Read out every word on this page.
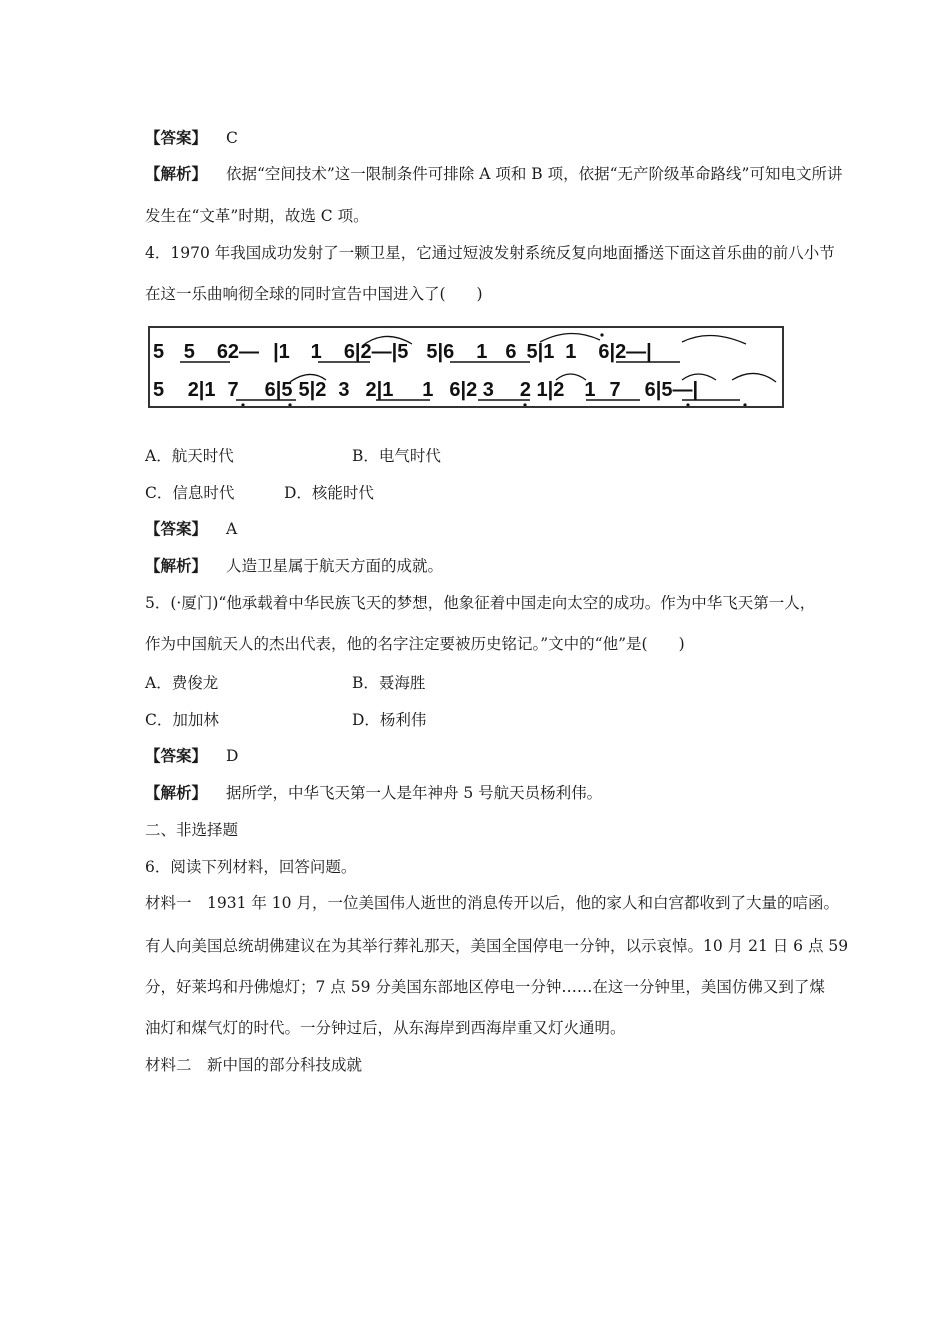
【答案】 C
【解析】 依据“空间技术”这一限制条件可排除 A 项和 B 项，依据“无产阶级革命路线”可知电文所讲
发生在“文革”时期，故选 C 项。
4．1970 年我国成功发射了一颗卫星，它通过短波发射系统反复向地面播送下面这首乐曲的前八小节
在这一乐曲响彻全球的同时宣告中国进入了(　　)
5 5 62— |1 1 6|2—|5 5|6 1 6 5|1 1 6|2—|
5 2|1 7 6|5 5|2 3 2|1 1 6|2 3 2 1|2 1 7 6|5—|
A．航天时代	B．电气时代
C．信息时代	D．核能时代
【答案】 A
【解析】 人造卫星属于航天方面的成就。
5．(·厦门)“他承载着中华民族飞天的梦想，他象征着中国走向太空的成功。作为中华飞天第一人，
作为中国航天人的杰出代表，他的名字注定要被历史铭记。”文中的“他”是(　　)
A．费俊龙	B．聂海胜
C．加加林	D．杨利伟
【答案】 D
【解析】 据所学，中华飞天第一人是年神舟 5 号航天员杨利伟。
二、非选择题
6．阅读下列材料，回答问题。
材料一　1931 年 10 月，一位美国伟人逝世的消息传开以后，他的家人和白宫都收到了大量的唁函。
有人向美国总统胡佛建议在为其举行葬礼那天，美国全国停电一分钟，以示哀悼。10 月 21 日 6 点 59
分，好莱坞和丹佛熄灯；7 点 59 分美国东部地区停电一分钟……在这一分钟里，美国仿佛又到了煤
油灯和煤气灯的时代。一分钟过后，从东海岸到西海岸重又灯火通明。
材料二　新中国的部分科技成就
